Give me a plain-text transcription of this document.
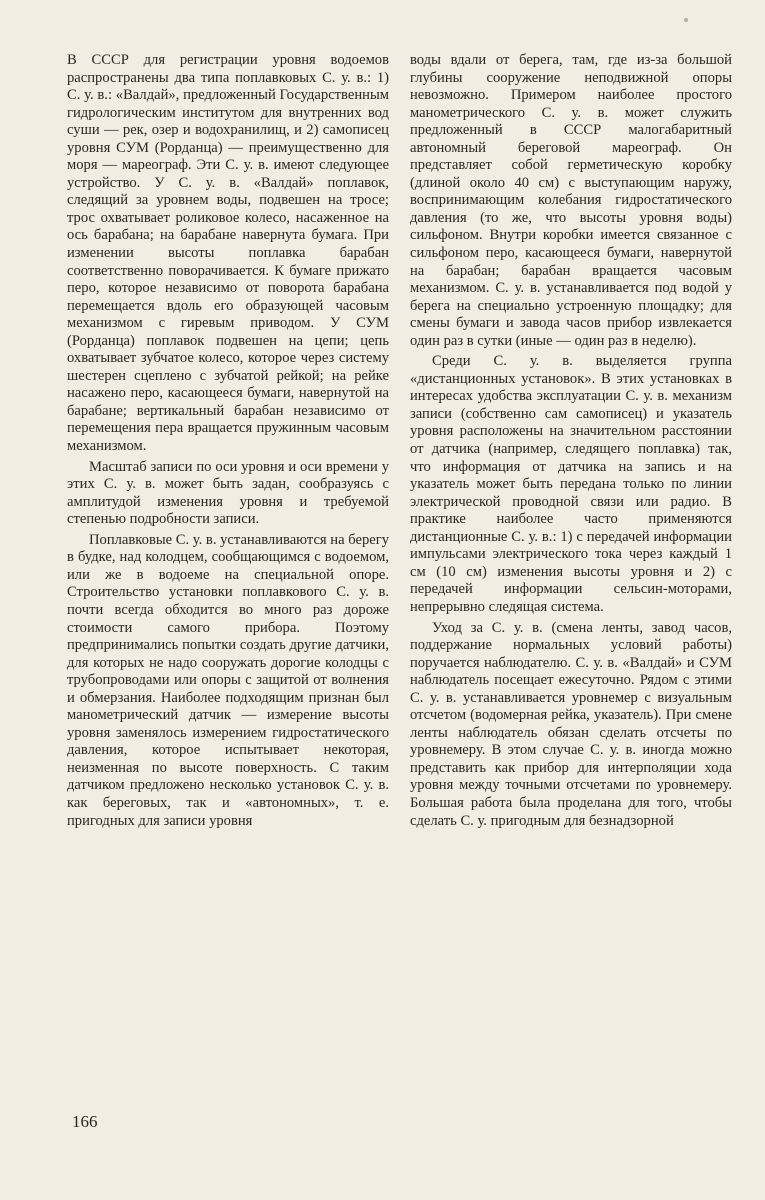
В СССР для регистрации уровня водоемов распространены два типа поплавковых С. у. в.: 1) С. у. в.: «Валдай», предложенный Государственным гидрологическим институтом для внутренних вод суши — рек, озер и водохранилищ, и 2) самописец уровня СУМ (Рорданца) — преимущественно для моря — мареограф. Эти С. у. в. имеют следующее устройство. У С. у. в. «Валдай» поплавок, следящий за уровнем воды, подвешен на тросе; трос охватывает роликовое колесо, насаженное на ось барабана; на барабане навернута бумага. При изменении высоты поплавка барабан соответственно поворачивается. К бумаге прижато перо, которое независимо от поворота барабана перемещается вдоль его образующей часовым механизмом с гиревым приводом. У СУМ (Рорданца) поплавок подвешен на цепи; цепь охватывает зубчатое колесо, которое через систему шестерен сцеплено с зубчатой рейкой; на рейке насажено перо, касающееся бумаги, навернутой на барабане; вертикальный барабан независимо от перемещения пера вращается пружинным часовым механизмом.

Масштаб записи по оси уровня и оси времени у этих С. у. в. может быть задан, сообразуясь с амплитудой изменения уровня и требуемой степенью подробности записи.

Поплавковые С. у. в. устанавливаются на берегу в будке, над колодцем, сообщающимся с водоемом, или же в водоеме на специальной опоре. Строительство установки поплавкового С. у. в. почти всегда обходится во много раз дороже стоимости самого прибора. Поэтому предпринимались попытки создать другие датчики, для которых не надо сооружать дорогие колодцы с трубопроводами или опоры с защитой от волнения и обмерзания. Наиболее подходящим признан был манометрический датчик — измерение высоты уровня заменялось измерением гидростатического давления, которое испытывает некоторая, неизменная по высоте поверхность. С таким датчиком предложено несколько установок С. у. в. как береговых, так и «автономных», т. е. пригодных для записи уровня

воды вдали от берега, там, где из-за большой глубины сооружение неподвижной опоры невозможно. Примером наиболее простого манометрического С. у. в. может служить предложенный в СССР малогабаритный автономный береговой мареограф. Он представляет собой герметическую коробку (длиной около 40 см) с выступающим наружу, воспринимающим колебания гидростатического давления (то же, что высоты уровня воды) сильфоном. Внутри коробки имеется связанное с сильфоном перо, касающееся бумаги, навернутой на барабан; барабан вращается часовым механизмом. С. у. в. устанавливается под водой у берега на специально устроенную площадку; для смены бумаги и завода часов прибор извлекается один раз в сутки (иные — один раз в неделю).

Среди С. у. в. выделяется группа «дистанционных установок». В этих установках в интересах удобства эксплуатации С. у. в. механизм записи (собственно сам самописец) и указатель уровня расположены на значительном расстоянии от датчика (например, следящего поплавка) так, что информация от датчика на запись и на указатель может быть передана только по линии электрической проводной связи или радио. В практике наиболее часто применяются дистанционные С. у. в.: 1) с передачей информации импульсами электрического тока через каждый 1 см (10 см) изменения высоты уровня и 2) с передачей информации сельсин-моторами, непрерывно следящая система.

Уход за С. у. в. (смена ленты, завод часов, поддержание нормальных условий работы) поручается наблюдателю. С. у. в. «Валдай» и СУМ наблюдатель посещает ежесуточно. Рядом с этими С. у. в. устанавливается уровнемер с визуальным отсчетом (водомерная рейка, указатель). При смене ленты наблюдатель обязан сделать отсчеты по уровнемеру. В этом случае С. у. в. иногда можно представить как прибор для интерполяции хода уровня между точными отсчетами по уровнемеру. Большая работа была проделана для того, чтобы сделать С. у. пригодным для безнадзорной

166
